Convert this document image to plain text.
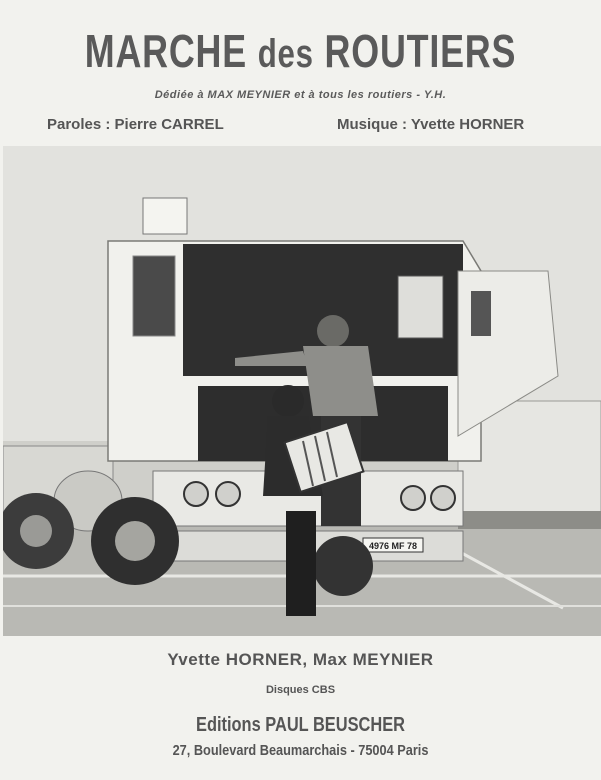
MARCHE des ROUTIERS
Dédiée à MAX MEYNIER et à tous les routiers - Y.H.
Paroles : Pierre CARREL	Musique : Yvette HORNER
4976 MF 78
Yvette HORNER, Max MEYNIER
Disques CBS
Editions PAUL BEUSCHER
27, Boulevard Beaumarchais - 75004 Paris
